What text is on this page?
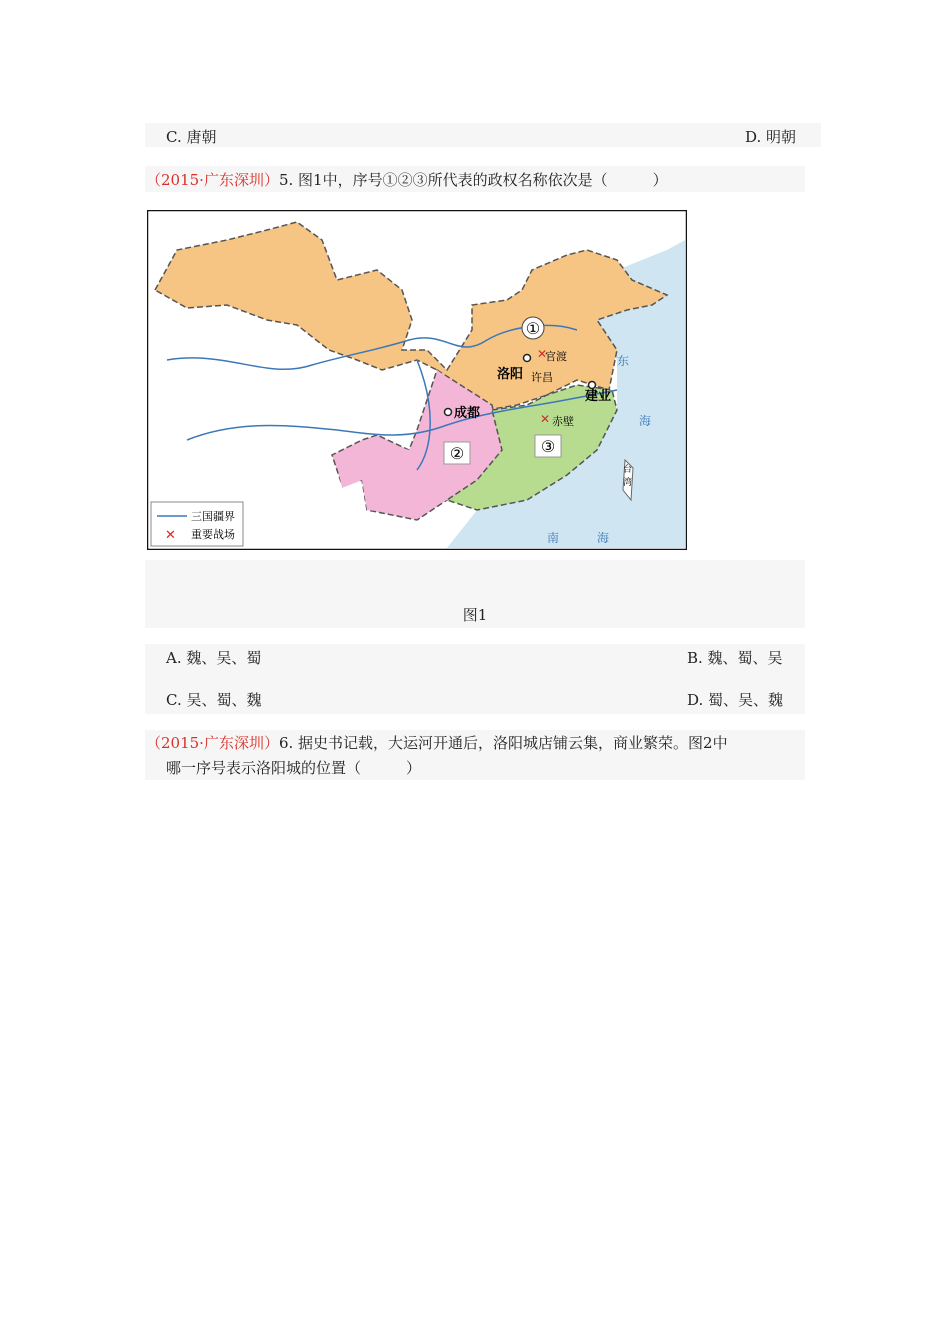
C. 唐朝	D. 明朝
（2015·广东深圳）5. 图1中，序号①②③所代表的政权名称依次是（　　　）
①
②	③
洛阳 许昌
官渡
✕
建业
成都	✕ 赤壁
东
海
南	海
台
湾
三国疆界
✕ 重要战场
图1
A. 魏、吴、蜀	B. 魏、蜀、吴
C. 吴、蜀、魏	D. 蜀、吴、魏
（2015·广东深圳）6. 据史书记载，大运河开通后，洛阳城店铺云集，商业繁荣。图2中
哪一序号表示洛阳城的位置（　　　）
